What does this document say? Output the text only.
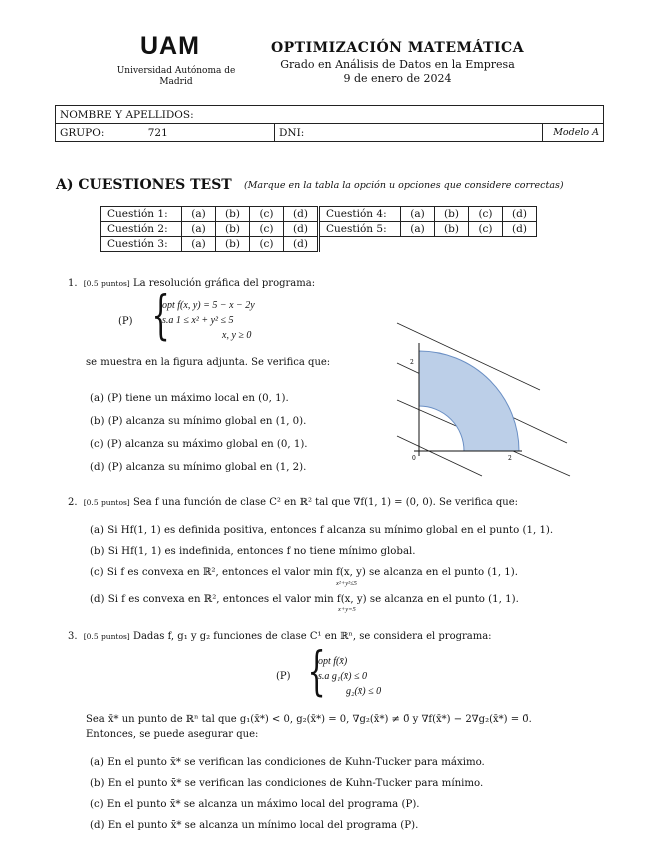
UAM
Universidad Autónoma de Madrid
OPTIMIZACIÓN MATEMÁTICA
Grado en Análisis de Datos en la Empresa
9 de enero de 2024
NOMBRE Y APELLIDOS:
GRUPO:	721	DNI:		Modelo A
A) CUESTIONES TEST (Marque en la tabla la opción u opciones que considere correctas)
Cuestión 1:	(a)	(b)	(c)	(d)	Cuestión 4:	(a)	(b)	(c)	(d)
Cuestión 2:	(a)	(b)	(c)	(d)	Cuestión 5:	(a)	(b)	(c)	(d)
Cuestión 3:	(a)	(b)	(c)	(d)					
1. [0.5 puntos] La resolución gráfica del programa:
(P) {
opt f(x, y) = 5 − x − 2y
s.a 1 ≤ x² + y² ≤ 5
x, y ≥ 0
se muestra en la figura adjunta. Se verifica que:
(a) (P) tiene un máximo local en (0, 1).
(b) (P) alcanza su mínimo global en (1, 0).
(c) (P) alcanza su máximo global en (0, 1).
(d) (P) alcanza su mínimo global en (1, 2).
2
2
0
2. [0.5 puntos] Sea f una función de clase C² en ℝ² tal que ∇f(1, 1) = (0, 0). Se verifica que:
(a) Si Hf(1, 1) es definida positiva, entonces f alcanza su mínimo global en el punto (1, 1).
(b) Si Hf(1, 1) es indefinida, entonces f no tiene mínimo global.
(c) Si f es convexa en ℝ², entonces el valor min f(x, y) se alcanza en el punto (1, 1).
x²+y²≤5
(d) Si f es convexa en ℝ², entonces el valor min f(x, y) se alcanza en el punto (1, 1).
x+y=5
3. [0.5 puntos] Dadas f, g₁ y g₂ funciones de clase C¹ en ℝⁿ, se considera el programa:
(P) {
opt f(x̄)
s.a g₁(x̄) ≤ 0
g₂(x̄) ≤ 0
Sea x̄* un punto de ℝⁿ tal que g₁(x̄*) < 0, g₂(x̄*) = 0, ∇g₂(x̄*) ≠ 0̄ y ∇f(x̄*) − 2∇g₂(x̄*) = 0̄.
Entonces, se puede asegurar que:
(a) En el punto x̄* se verifican las condiciones de Kuhn-Tucker para máximo.
(b) En el punto x̄* se verifican las condiciones de Kuhn-Tucker para mínimo.
(c) En el punto x̄* se alcanza un máximo local del programa (P).
(d) En el punto x̄* se alcanza un mínimo local del programa (P).
